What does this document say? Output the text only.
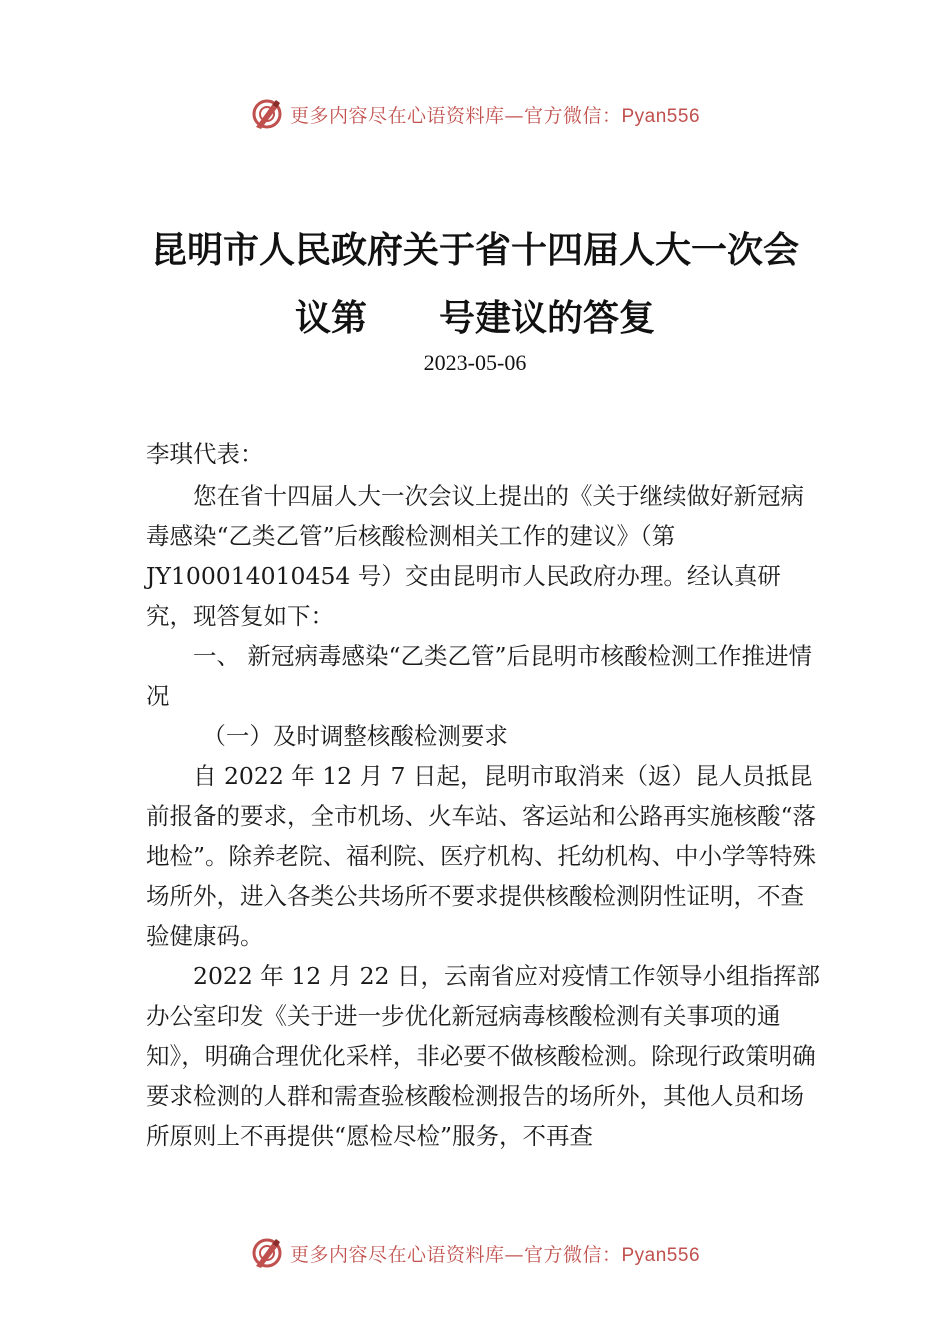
更多内容尽在心语资料库—官方微信：Pyan556
昆明市人民政府关于省十四届人大一次会
议第 号建议的答复
2023-05-06

李琪代表：

您在省十四届人大一次会议上提出的《关于继续做好新冠病毒感染“乙类乙管”后核酸检测相关工作的建议》（第 JY100014010454 号）交由昆明市人民政府办理。经认真研究，现答复如下：

一、 新冠病毒感染“乙类乙管”后昆明市核酸检测工作推进情况

（一）及时调整核酸检测要求

自 2022 年 12 月 7 日起，昆明市取消来（返）昆人员抵昆前报备的要求，全市机场、火车站、客运站和公路再实施核酸“落地检”。除养老院、福利院、医疗机构、托幼机构、中小学等特殊场所外，进入各类公共场所不要求提供核酸检测阴性证明，不查验健康码。

2022 年 12 月 22 日，云南省应对疫情工作领导小组指挥部办公室印发《关于进一步优化新冠病毒核酸检测有关事项的通知》，明确合理优化采样，非必要不做核酸检测。除现行政策明确要求检测的人群和需查验核酸检测报告的场所外，其他人员和场所原则上不再提供“愿检尽检”服务，不再查

更多内容尽在心语资料库—官方微信：Pyan556
